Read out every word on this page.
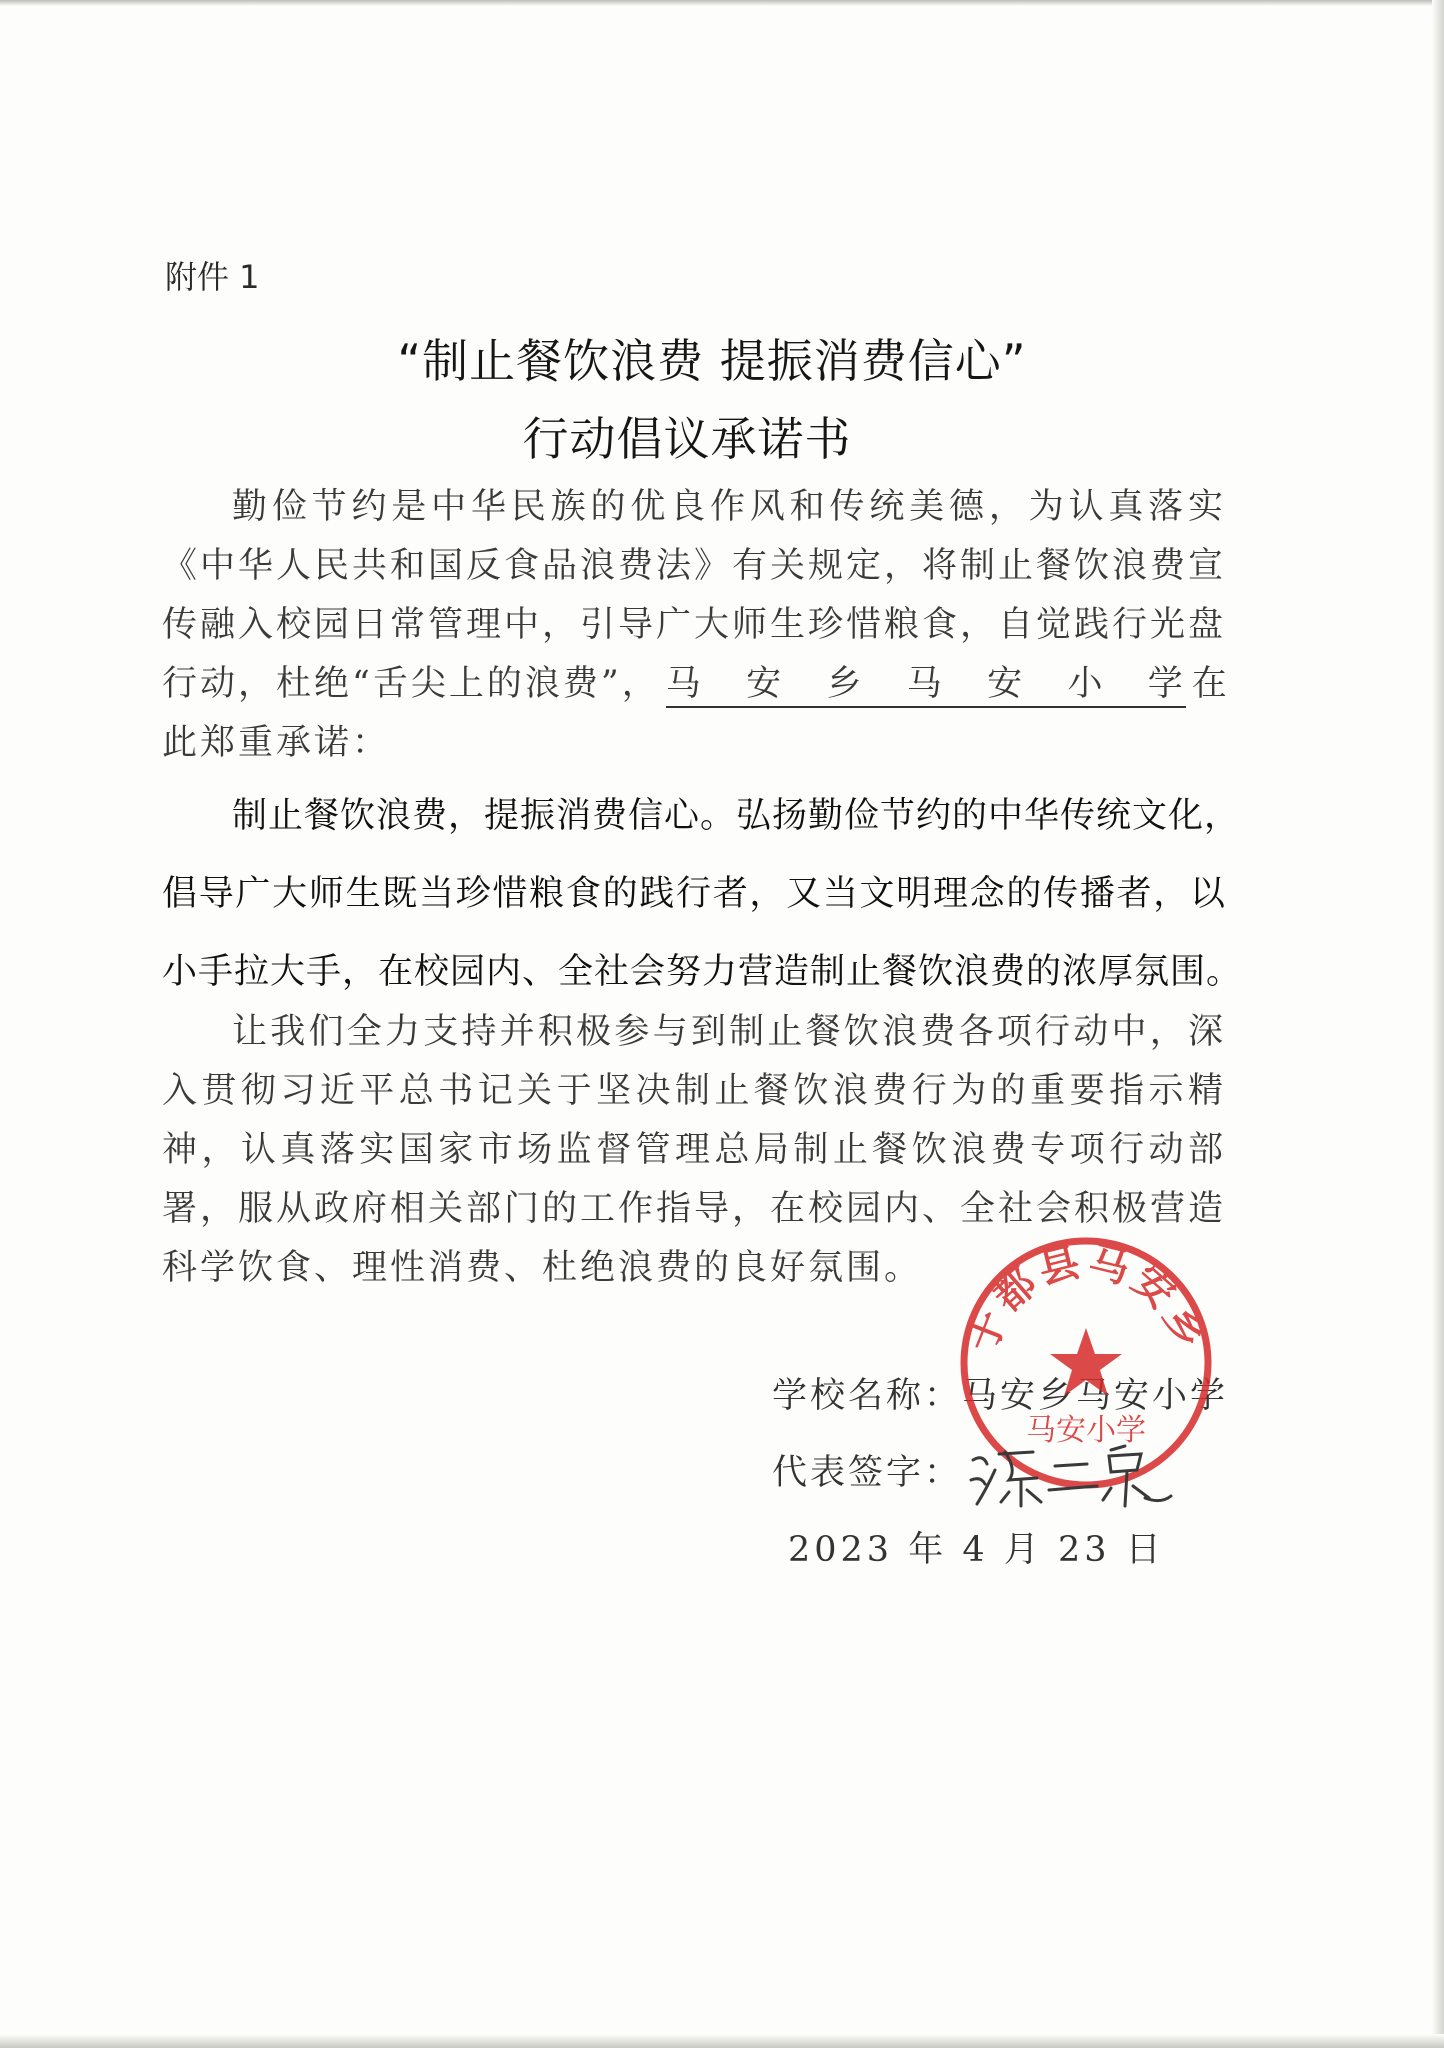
附件 1
“制止餐饮浪费 提振消费信心”
行动倡议承诺书
勤俭节约是中华民族的优良作风和传统美德，为认真落实
《中华人民共和国反食品浪费法》有关规定，将制止餐饮浪费宣
传融入校园日常管理中，引导广大师生珍惜粮食，自觉践行光盘
行动，杜绝“舌尖上的浪费”， 马安乡马安小学 在
此郑重承诺：
制止餐饮浪费，提振消费信心。弘扬勤俭节约的中华传统文化，
倡导广大师生既当珍惜粮食的践行者，又当文明理念的传播者，以
小手拉大手，在校园内、全社会努力营造制止餐饮浪费的浓厚氛围。
让我们全力支持并积极参与到制止餐饮浪费各项行动中，深
入贯彻习近平总书记关于坚决制止餐饮浪费行为的重要指示精
神，认真落实国家市场监督管理总局制止餐饮浪费专项行动部
署，服从政府相关部门的工作指导，在校园内、全社会积极营造
科学饮食、理性消费、杜绝浪费的良好氛围。
学校名称：马安乡马安小学
代表签字：
2023 年 4 月 23 日
于都县马安乡
马安小学
